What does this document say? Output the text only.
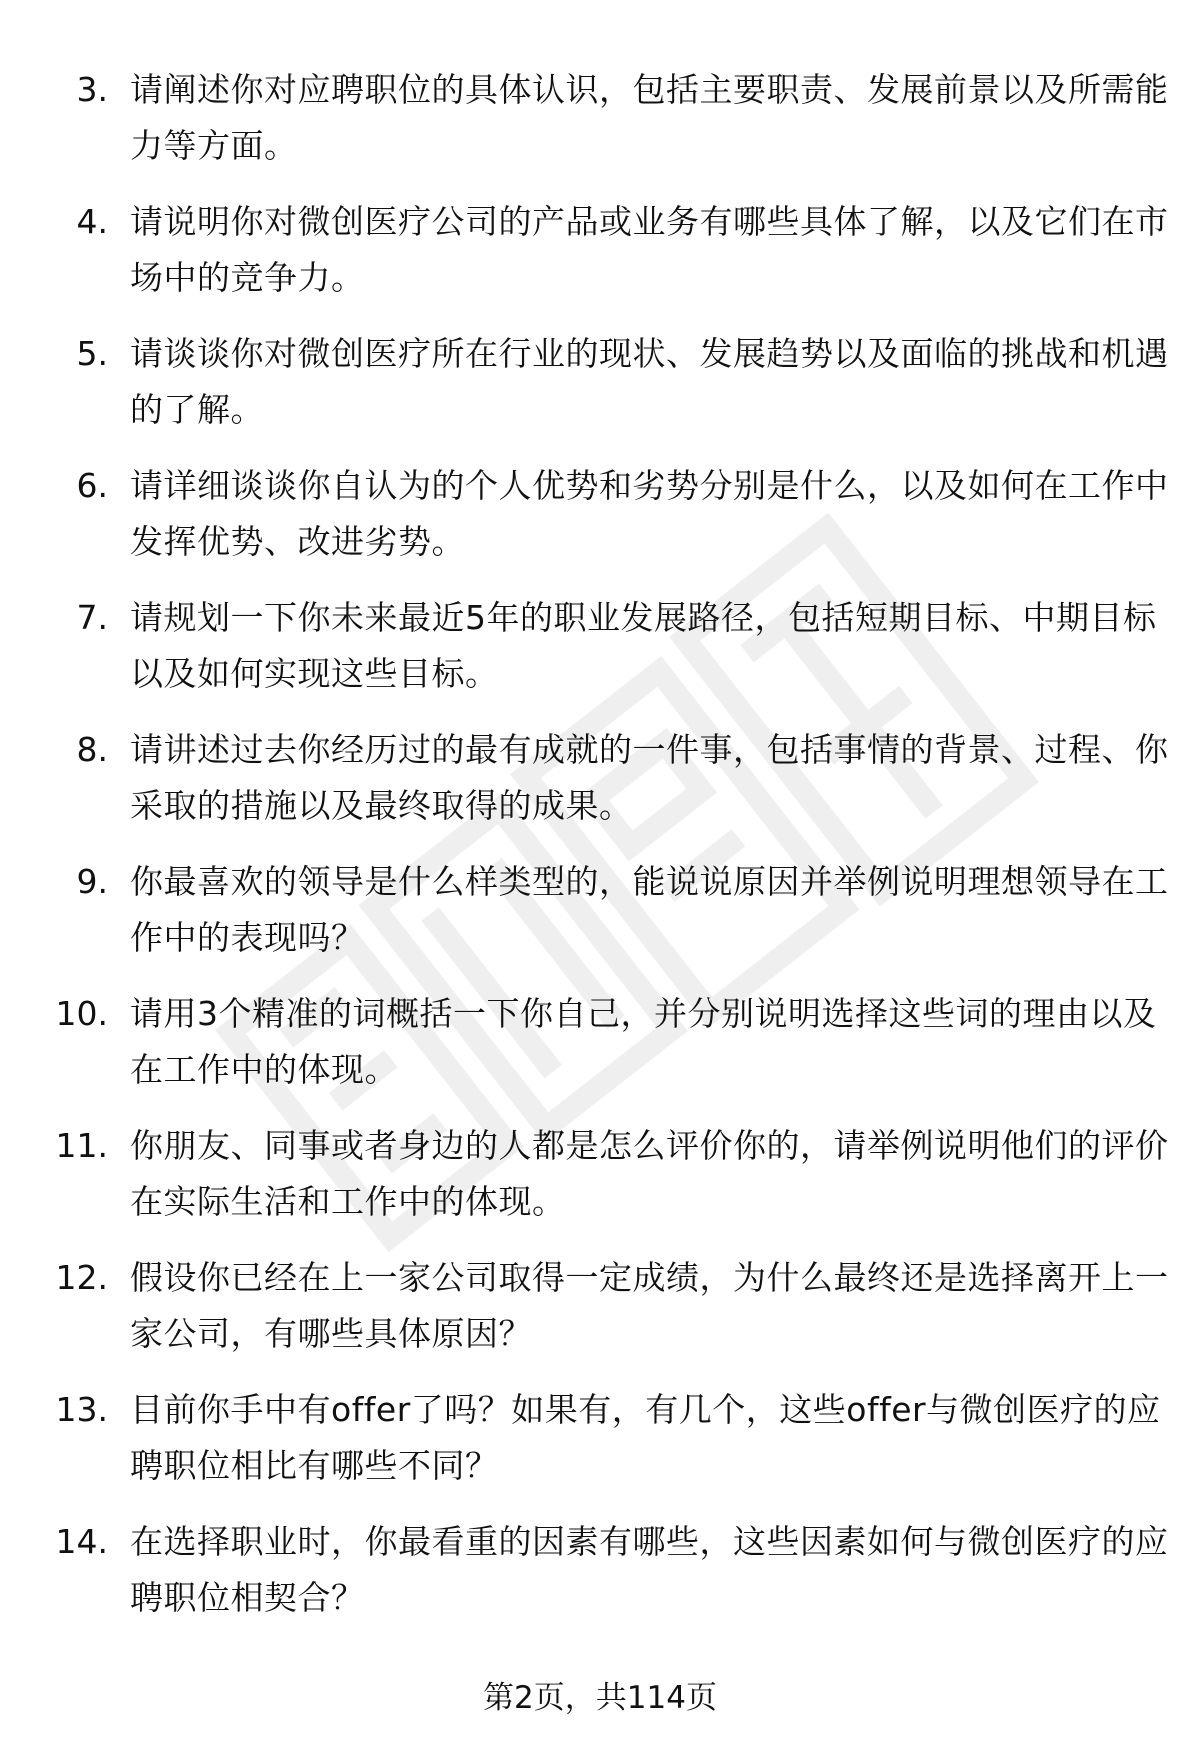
3. 请阐述你对应聘职位的具体认识，包括主要职责、发展前景以及所需能力等方面。
4. 请说明你对微创医疗公司的产品或业务有哪些具体了解，以及它们在市场中的竞争力。
5. 请谈谈你对微创医疗所在行业的现状、发展趋势以及面临的挑战和机遇的了解。
6. 请详细谈谈你自认为的个人优势和劣势分别是什么，以及如何在工作中发挥优势、改进劣势。
7. 请规划一下你未来最近5年的职业发展路径，包括短期目标、中期目标以及如何实现这些目标。
8. 请讲述过去你经历过的最有成就的一件事，包括事情的背景、过程、你采取的措施以及最终取得的成果。
9. 你最喜欢的领导是什么样类型的，能说说原因并举例说明理想领导在工作中的表现吗？
10. 请用3个精准的词概括一下你自己，并分别说明选择这些词的理由以及在工作中的体现。
11. 你朋友、同事或者身边的人都是怎么评价你的，请举例说明他们的评价在实际生活和工作中的体现。
12. 假设你已经在上一家公司取得一定成绩，为什么最终还是选择离开上一家公司，有哪些具体原因？
13. 目前你手中有offer了吗？如果有，有几个，这些offer与微创医疗的应聘职位相比有哪些不同？
14. 在选择职业时，你最看重的因素有哪些，这些因素如何与微创医疗的应聘职位相契合？
第2页，共114页
